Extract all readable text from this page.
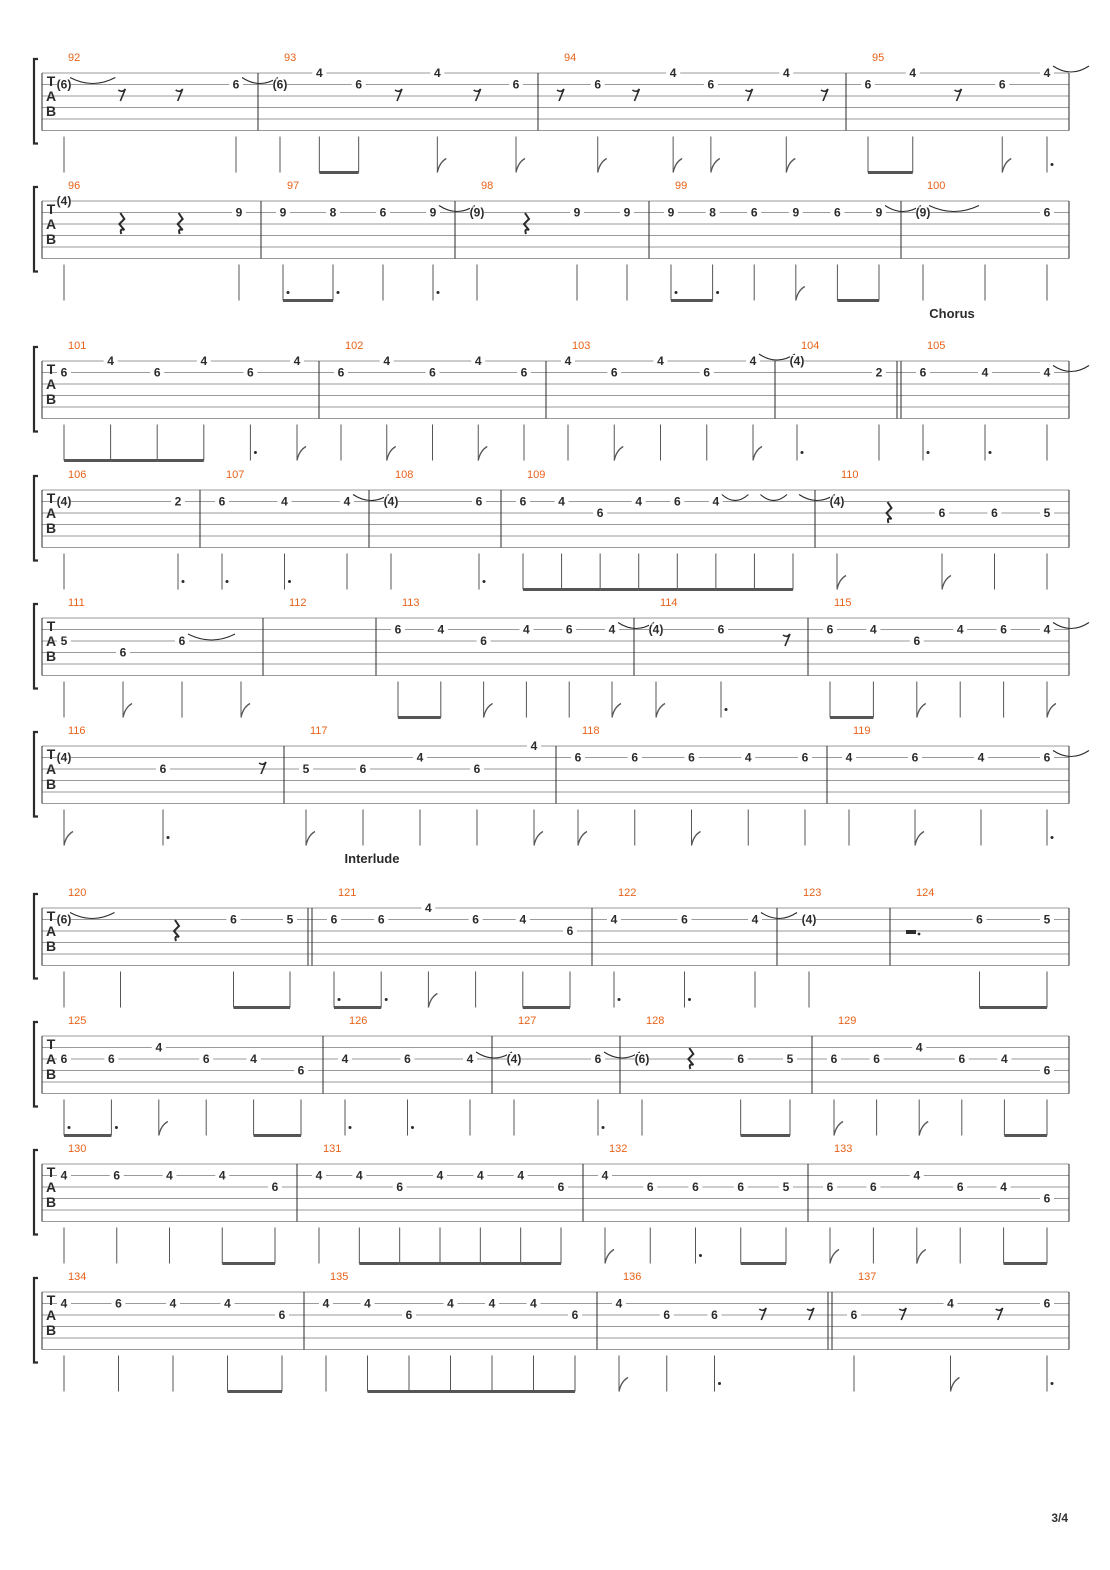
Chorus
Interlude
T
A
B
92
(6)	6
93
(6)
4
6
4
6
94
6
4
6
4
95
6
4
6
4
T
A
B
96
(4)
9
97
9	8	6	9
98
(9)	9	9
99
9	8	6	9	6	9
100
(9)	6
T
A
B
101
6
4
6
4
6
4
102
6
4
6
4
6
103
4
6
4
6
4
104
(4)
2
105
6	4	4
T
A
B
106
(4)	2
107
6	4	4
108
(4)	6
109
6	4
6
4	6	4
110
(4)
6	6	5
T
A
B
111
5
6
6
112	113
6	4
6
4	6	4
114
(4)	6
115
6	4
6
4	6	4
T
A
B
116
(4)
6
117
5	6
4
6
4
118
6	6	6	4	6
119
4	6	4	6
T
A
B
120
(6)	6	5
121
6	6
4
6	4
6
122
4	6	4
123
(4)
124
6	5
T
A
B
125
6	6
4
6	4
6
126
4	6	4
127
(4)	6
128
(6)	6	5
129
6	6
4
6	4
6
T
A
B
130
4	6	4	4
6
131
4	4
6
4	4	4
6
132
4
6	6	6	5
133
6	6
4
6	4
6
T
A
B
134
4	6	4	4
6
135
4	4
6
4	4	4
6
136
4
6	6
137
6
4	6
3/4
